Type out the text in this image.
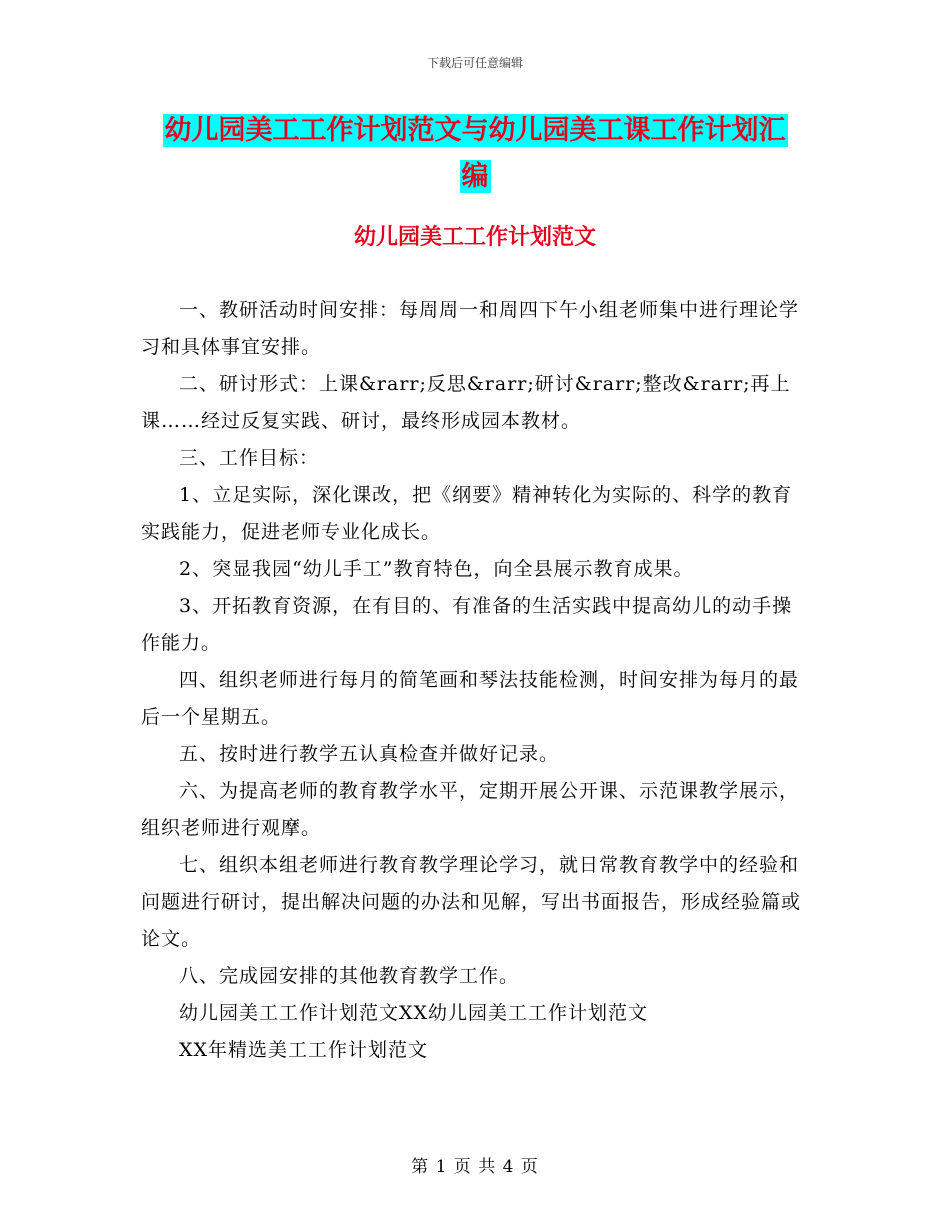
下载后可任意编辑
幼儿园美工工作计划范文与幼儿园美工课工作计划汇
编
幼儿园美工工作计划范文

一、教研活动时间安排：每周周一和周四下午小组老师集中进行理论学习和具体事宜安排。

二、研讨形式：上课&rarr;反思&rarr;研讨&rarr;整改&rarr;再上课……经过反复实践、研讨，最终形成园本教材。

三、工作目标：

1、立足实际，深化课改，把《纲要》精神转化为实际的、科学的教育实践能力，促进老师专业化成长。

2、突显我园“幼儿手工”教育特色，向全县展示教育成果。

3、开拓教育资源，在有目的、有准备的生活实践中提高幼儿的动手操作能力。

四、组织老师进行每月的简笔画和琴法技能检测，时间安排为每月的最后一个星期五。

五、按时进行教学五认真检查并做好记录。

六、为提高老师的教育教学水平，定期开展公开课、示范课教学展示，组织老师进行观摩。

七、组织本组老师进行教育教学理论学习，就日常教育教学中的经验和问题进行研讨，提出解决问题的办法和见解，写出书面报告，形成经验篇或论文。

八、完成园安排的其他教育教学工作。

幼儿园美工工作计划范文XX幼儿园美工工作计划范文

XX年精选美工工作计划范文

第 1 页 共 4 页
